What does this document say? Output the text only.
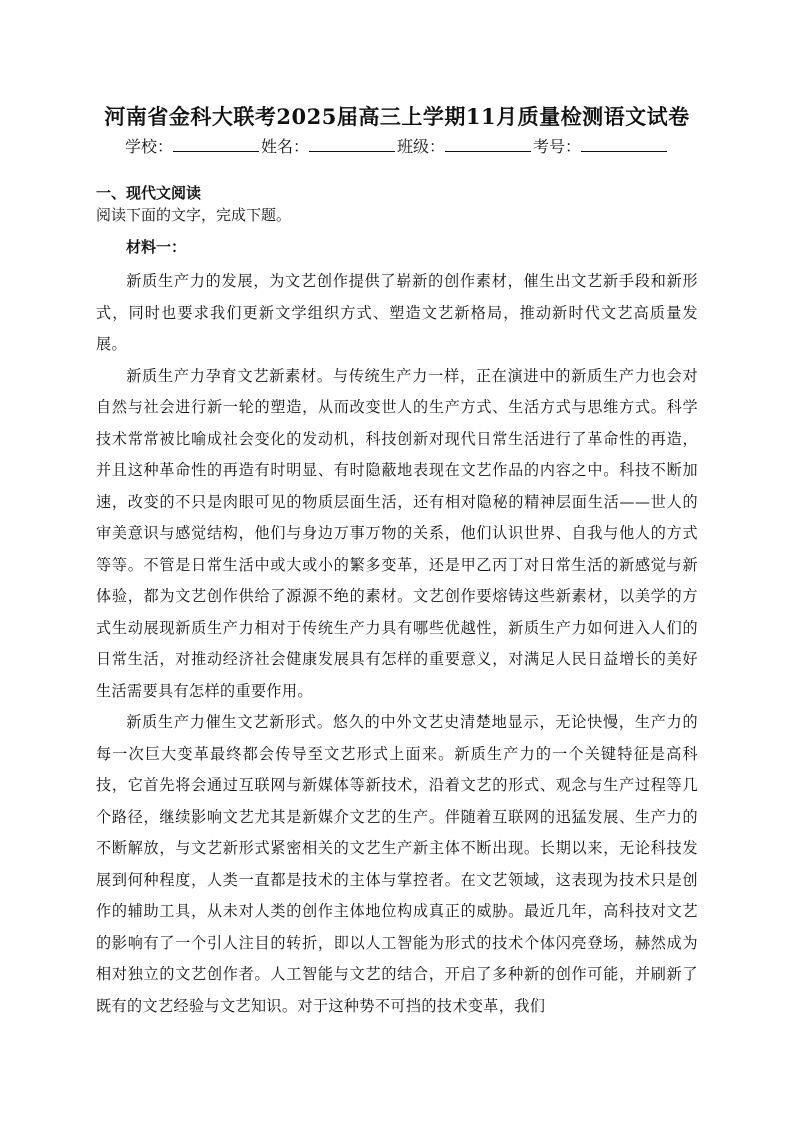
河南省金科大联考2025届高三上学期11月质量检测语文试卷
学校：	姓名：	班级：	考号：
一、现代文阅读

阅读下面的文字，完成下题。

材料一：

新质生产力的发展，为文艺创作提供了崭新的创作素材，催生出文艺新手段和新形式，同时也要求我们更新文学组织方式、塑造文艺新格局，推动新时代文艺高质量发展。

新质生产力孕育文艺新素材。与传统生产力一样，正在演进中的新质生产力也会对自然与社会进行新一轮的塑造，从而改变世人的生产方式、生活方式与思维方式。科学技术常常被比喻成社会变化的发动机，科技创新对现代日常生活进行了革命性的再造，并且这种革命性的再造有时明显、有时隐蔽地表现在文艺作品的内容之中。科技不断加速，改变的不只是肉眼可见的物质层面生活，还有相对隐秘的精神层面生活——世人的审美意识与感觉结构，他们与身边万事万物的关系，他们认识世界、自我与他人的方式等等。不管是日常生活中或大或小的繁多变革，还是甲乙丙丁对日常生活的新感觉与新体验，都为文艺创作供给了源源不绝的素材。文艺创作要熔铸这些新素材，以美学的方式生动展现新质生产力相对于传统生产力具有哪些优越性，新质生产力如何进入人们的日常生活，对推动经济社会健康发展具有怎样的重要意义，对满足人民日益增长的美好生活需要具有怎样的重要作用。

新质生产力催生文艺新形式。悠久的中外文艺史清楚地显示，无论快慢，生产力的每一次巨大变革最终都会传导至文艺形式上面来。新质生产力的一个关键特征是高科技，它首先将会通过互联网与新媒体等新技术，沿着文艺的形式、观念与生产过程等几个路径，继续影响文艺尤其是新媒介文艺的生产。伴随着互联网的迅猛发展、生产力的不断解放，与文艺新形式紧密相关的文艺生产新主体不断出现。长期以来，无论科技发展到何种程度，人类一直都是技术的主体与掌控者。在文艺领域，这表现为技术只是创作的辅助工具，从未对人类的创作主体地位构成真正的威胁。最近几年，高科技对文艺的影响有了一个引人注目的转折，即以人工智能为形式的技术个体闪亮登场，赫然成为相对独立的文艺创作者。人工智能与文艺的结合，开启了多种新的创作可能，并刷新了既有的文艺经验与文艺知识。对于这种势不可挡的技术变革，我们
